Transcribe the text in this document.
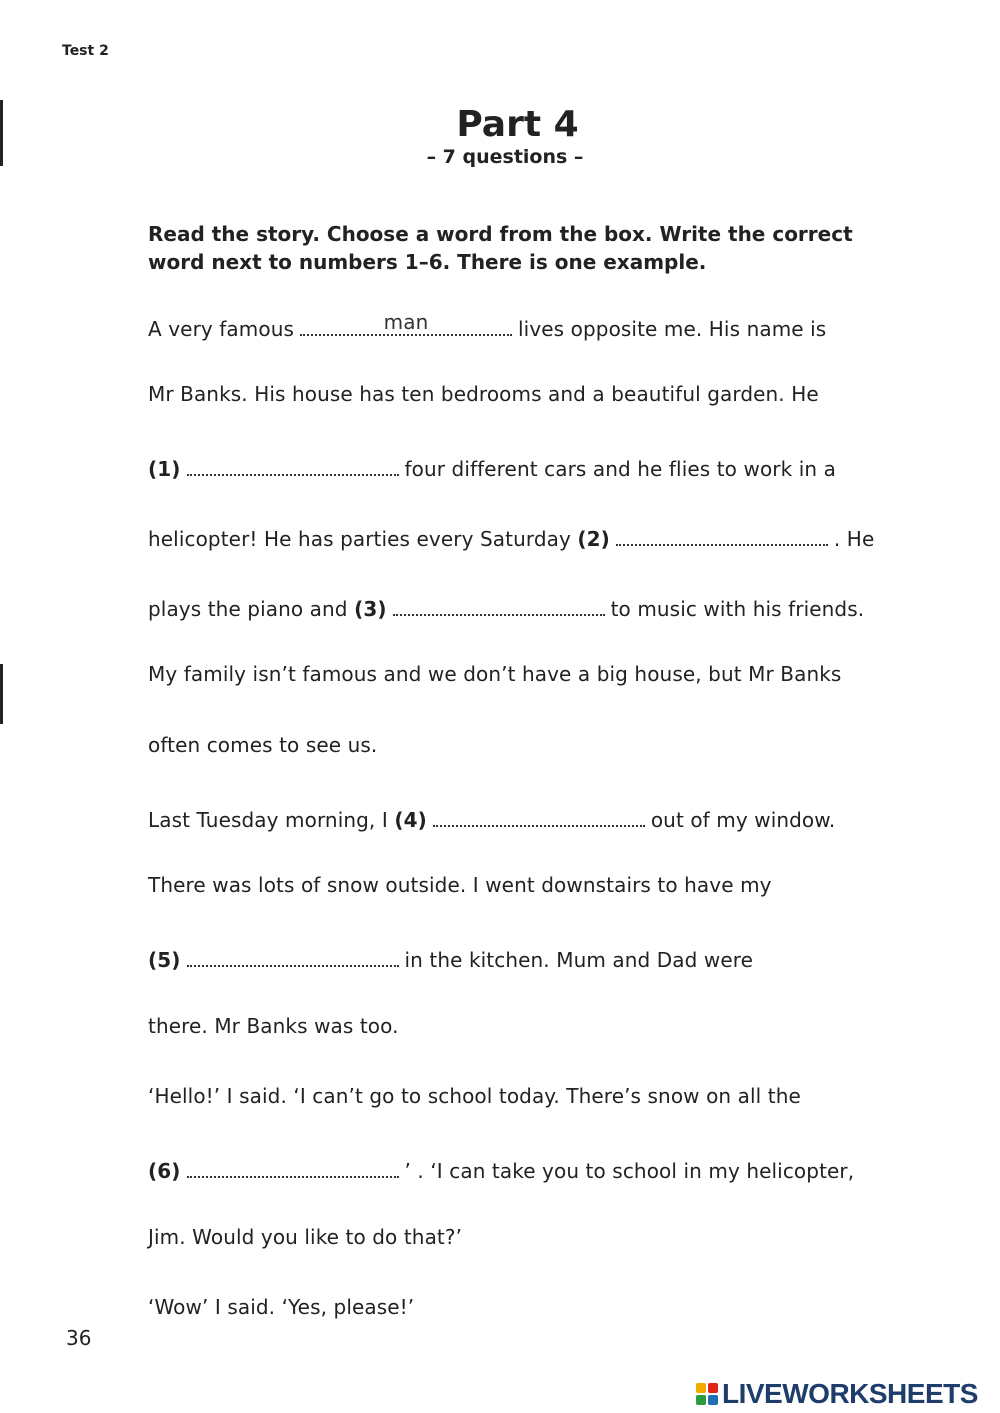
Test 2
Part 4
– 7 questions –
Read the story. Choose a word from the box. Write the correct word next to numbers 1–6. There is one example.
A very famous	man	lives opposite me. His name is
Mr Banks. His house has ten bedrooms and a beautiful garden. He
(1)	four different cars and he flies to work in a
helicopter! He has parties every Saturday (2)	. He
plays the piano and (3)	to music with his friends.
My family isn’t famous and we don’t have a big house, but Mr Banks
often comes to see us.
Last Tuesday morning, I (4)	out of my window.
There was lots of snow outside. I went downstairs to have my
(5)	in the kitchen. Mum and Dad were
there. Mr Banks was too.
‘Hello!’ I said. ‘I can’t go to school today. There’s snow on all the
(6)	’ . ‘I can take you to school in my helicopter,
Jim. Would you like to do that?’
‘Wow’ I said. ‘Yes, please!’
36
LIVEWORKSHEETS
